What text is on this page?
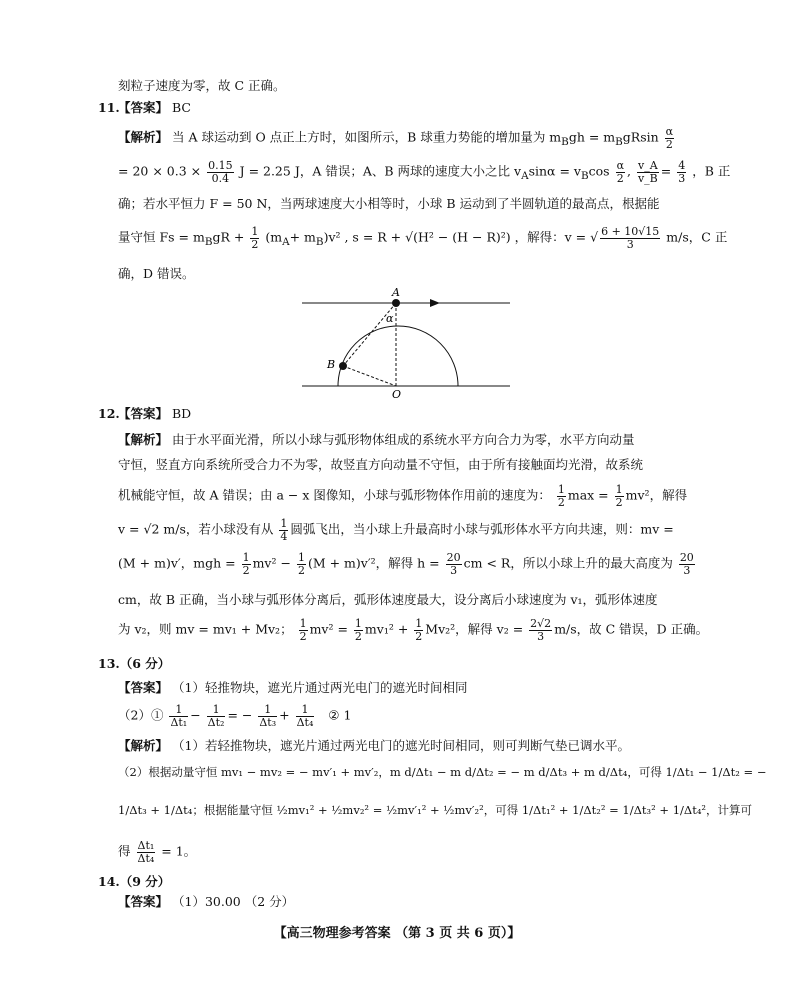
刻粒子速度为零，故 C 正确。
11.
【答案】 BC
【解析】 当 A 球运动到 O 点正上方时，如图所示，B 球重力势能的增加量为 $m_Bgh = m_BgRsin \frac{\alpha}{2}$
= $20 \times 0.3 \times \frac{0.15}{0.4}$ J = 2.25 J，A 错误；A、B 两球的速度大小之比 $v_A\sin\alpha = v_B\cos \frac{\alpha}{2}$ , $\frac{v\_A}{v\_B} = \frac{4}{3}$ ，B 正
确；若水平恒力 F = 50 N，当两球速度大小相等时，小球 B 运动到了半圆轨道的最高点，根据能
量守恒 $Fs = m_BgR + \frac{1}{2} (m_A+ m_B)v^2$ , s = R + √(H² − (H − R)²) ，解得：v = √ $\frac{6 + 10√15}{3} m/s$，C 正
确，D 错误。
A
α
B
O
12.
【答案】 BD
【解析】 由于水平面光滑，所以小球与弧形物体组成的系统水平方向合力为零，水平方向动量
守恒，竖直方向系统所受合力不为零，故竖直方向动量不守恒，由于所有接触面均光滑，故系统
机械能守恒，故 A 错误；由 a − x 图像知，小球与弧形物体作用前的速度为： $\frac{1}{2}$ $\max = \frac{1}{2} mv^2$，解得
v = √2 m/s，若小球没有从 $\frac{1}{4}$ 圆弧飞出，当小球上升最高时小球与弧形体水平方向共速，则：mv =
(M + m)v′，mgh = $\frac{1}{2} mv^2 - \frac{1}{2} (M + m)v'^2$，解得 $h = \frac{20}{3}$ cm < R，所以小球上升的最大高度为 $\frac{20}{3}$
cm，故 B 正确，当小球与弧形体分离后，弧形体速度最大，设分离后小球速度为 v₁，弧形体速度
为 v₂，则 mv = mv₁ + Mv₂； $\frac{1}{2} mv^2 = \frac{1}{2} mv_1^2 + \frac{1}{2} Mv_2^2$，解得 $v_2 = \frac{2√2}{3} m/s$，故 C 错误，D 正确。
13.（6 分）
【答案】 （1）轻推物块，遮光片通过两光电门的遮光时间相同
（2）① $\frac{1}{\text{Δt₁}} - \frac{1}{\text{Δt₂}}$ = − $\frac{1}{\text{Δt₃}} + \frac{1}{\text{Δt₄}}$ ② 1
【解析】 （1）若轻推物块，遮光片通过两光电门的遮光时间相同，则可判断气垫已调水平。
（2）根据动量守恒 mv₁ − mv₂ = − mv′₁ + mv′₂，m d/Δt₁ − m d/Δt₂ = − m d/Δt₃ + m d/Δt₄，可得 1/Δt₁ − 1/Δt₂ = −
1/Δt₃ + 1/Δt₄；根据能量守恒 ½mv₁² + ½mv₂² = ½mv′₁² + ½mv′₂²，可得 1/Δt₁² + 1/Δt₂² = 1/Δt₃² + 1/Δt₄²，计算可
得 $\frac{\text{Δt₁}}{\text{Δt₄}} = 1$。
14.（9 分）
【答案】 （1）30.00 （2 分）
【高三物理参考答案 （第 3 页 共 6 页）】
